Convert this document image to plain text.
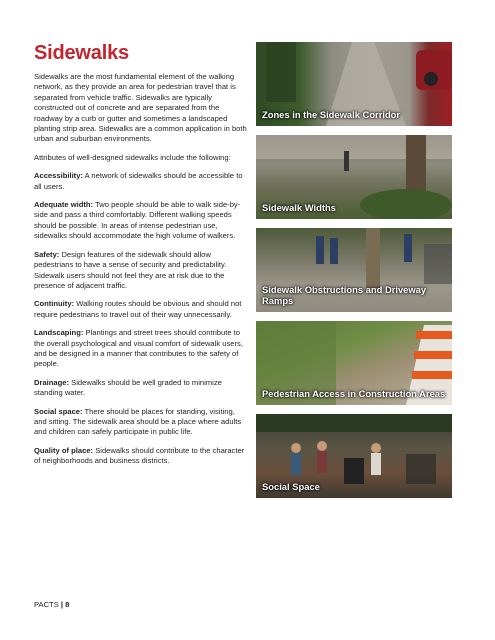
Sidewalks

Sidewalks are the most fundamental element of the walking network, as they provide an area for pedestrian travel that is separated from vehicle traffic. Sidewalks are typically constructed out of concrete and are separated from the roadway by a curb or gutter and sometimes a landscaped planting strip area. Sidewalks are a common application in both urban and suburban environments.

Attributes of well-designed sidewalks include the following:

Accessibility: A network of sidewalks should be accessible to all users.

Adequate width: Two people should be able to walk side-by-side and pass a third comfortably. Different walking speeds should be possible. In areas of intense pedestrian use, sidewalks should accommodate the high volume of walkers.

Safety: Design features of the sidewalk should allow pedestrians to have a sense of security and predictability. Sidewalk users should not feel they are at risk due to the presence of adjacent traffic.

Continuity: Walking routes should be obvious and should not require pedestrians to travel out of their way unnecessarily.

Landscaping: Plantings and street trees should contribute to the overall psychological and visual comfort of sidewalk users, and be designed in a manner that contributes to the safety of people.

Drainage: Sidewalks should be well graded to minimize standing water.

Social space: There should be places for standing, visiting, and sitting. The sidewalk area should be a place where adults and children can safely participate in public life.

Quality of place: Sidewalks should contribute to the character of neighborhoods and business districts.

Zones in the Sidewalk Corridor
Sidewalk Widths
Sidewalk Obstructions and Driveway Ramps
Pedestrian Access in Construction Areas
Social Space
PACTS | 8
